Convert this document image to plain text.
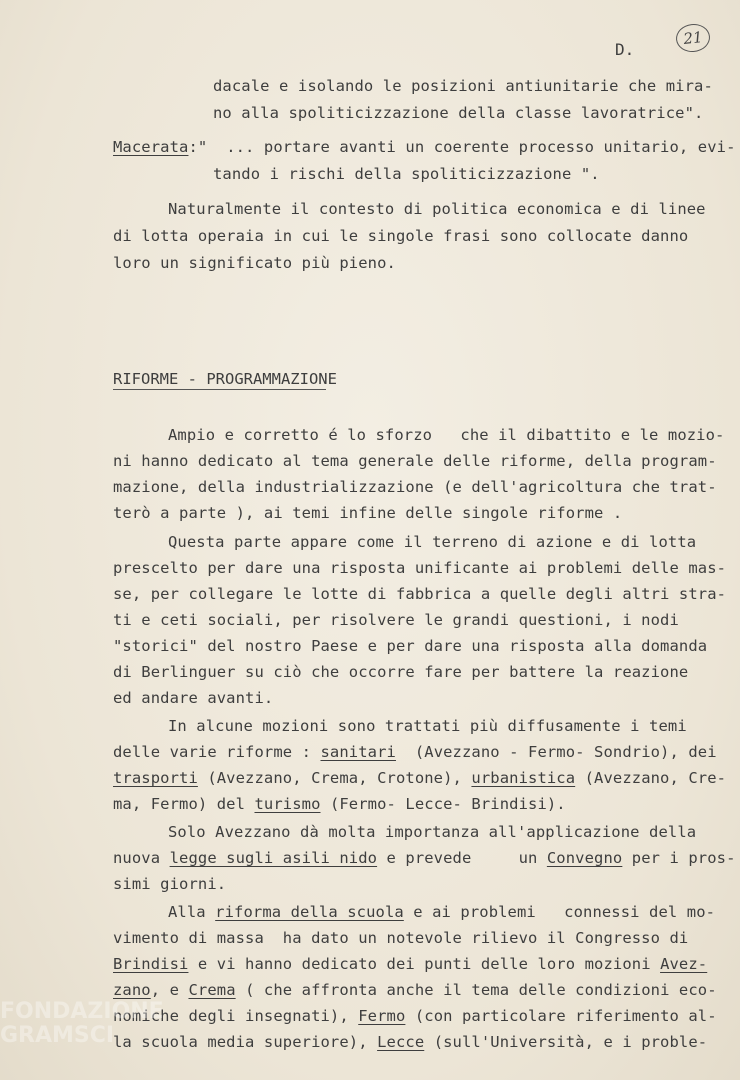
D.
21
dacale e isolando le posizioni antiunitarie che mira-
no alla spoliticizzazione della classe lavoratrice".
Macerata:"  ... portare avanti un coerente processo unitario, evi-
tando i rischi della spoliticizzazione ".
Naturalmente il contesto di politica economica e di linee
di lotta operaia in cui le singole frasi sono collocate danno
loro un significato più pieno.
RIFORME - PROGRAMMAZIONE
Ampio e corretto é lo sforzo   che il dibattito e le mozio-
ni hanno dedicato al tema generale delle riforme, della program-
mazione, della industrializzazione (e dell'agricoltura che trat-
terò a parte ), ai temi infine delle singole riforme .
Questa parte appare come il terreno di azione e di lotta
prescelto per dare una risposta unificante ai problemi delle mas-
se, per collegare le lotte di fabbrica a quelle degli altri stra-
ti e ceti sociali, per risolvere le grandi questioni, i nodi
"storici" del nostro Paese e per dare una risposta alla domanda
di Berlinguer su ciò che occorre fare per battere la reazione
ed andare avanti.
In alcune mozioni sono trattati più diffusamente i temi
delle varie riforme : sanitari  (Avezzano - Fermo- Sondrio), dei
trasporti (Avezzano, Crema, Crotone), urbanistica (Avezzano, Cre-
ma, Fermo) del turismo (Fermo- Lecce- Brindisi).
Solo Avezzano dà molta importanza all'applicazione della
nuova legge sugli asili nido e prevede     un Convegno per i pros-
simi giorni.
Alla riforma della scuola e ai problemi   connessi del mo-
vimento di massa  ha dato un notevole rilievo il Congresso di
Brindisi e vi hanno dedicato dei punti delle loro mozioni Avez-
zano, e Crema ( che affronta anche il tema delle condizioni eco-
nomiche degli insegnati), Fermo (con particolare riferimento al-
la scuola media superiore), Lecce (sull'Università, e i proble-
FONDAZIONE GRAMSCI
